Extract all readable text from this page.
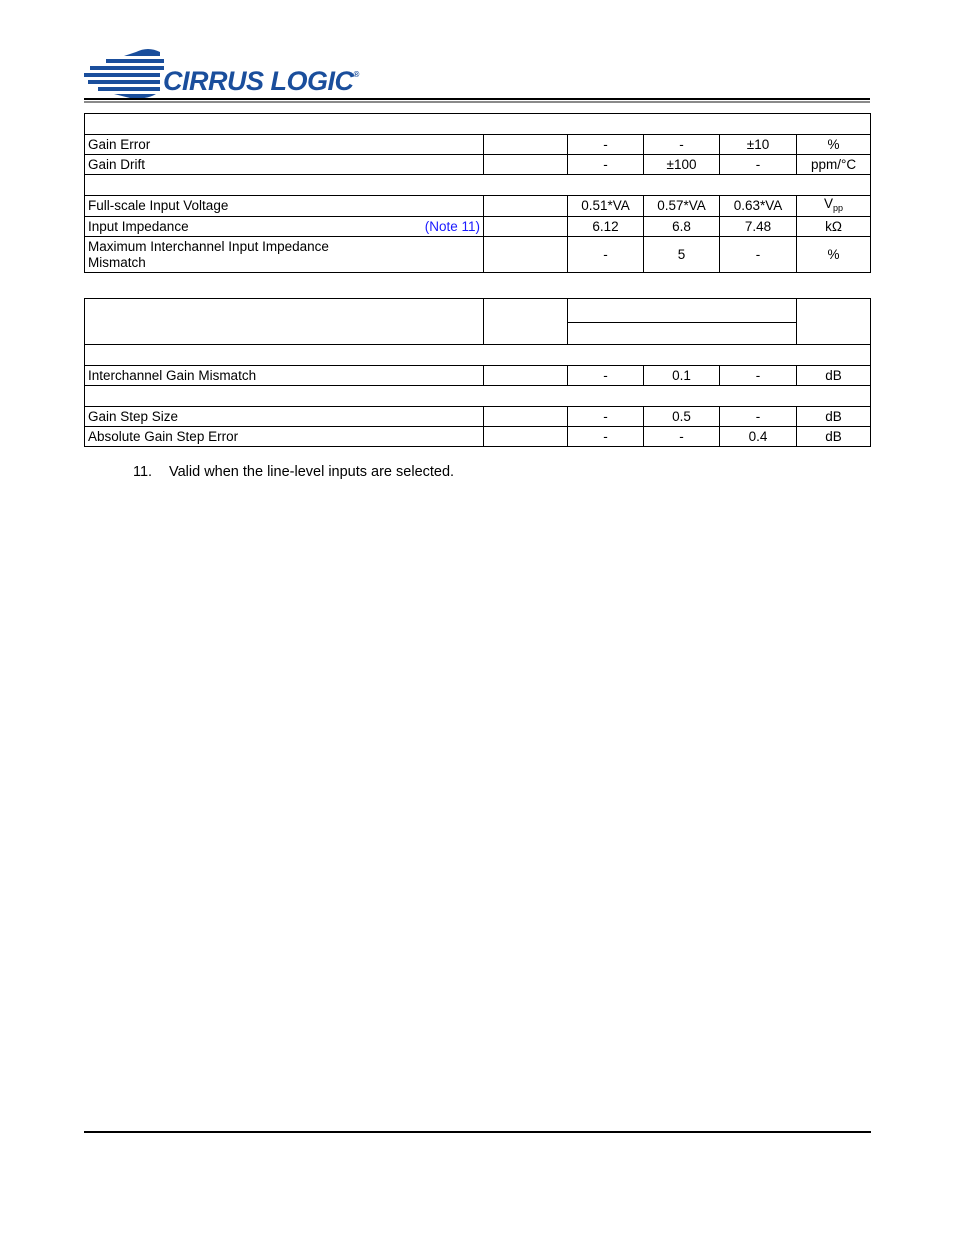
CIRRUS LOGIC®

Gain Error		-	-	±10	%
Gain Drift		-	±100	-	ppm/°C

Full-scale Input Voltage		0.51*VA	0.57*VA	0.63*VA	$V_{pp}$
Input Impedance (Note 11)		6.12	6.8	7.48	kΩ
Maximum Interchannel Input Impedance
Mismatch		-	5	-	%

Interchannel Gain Mismatch		-	0.1	-	dB

Gain Step Size		-	0.5	-	dB
Absolute Gain Step Error		-	-	0.4	dB
11. Valid when the line-level inputs are selected.
